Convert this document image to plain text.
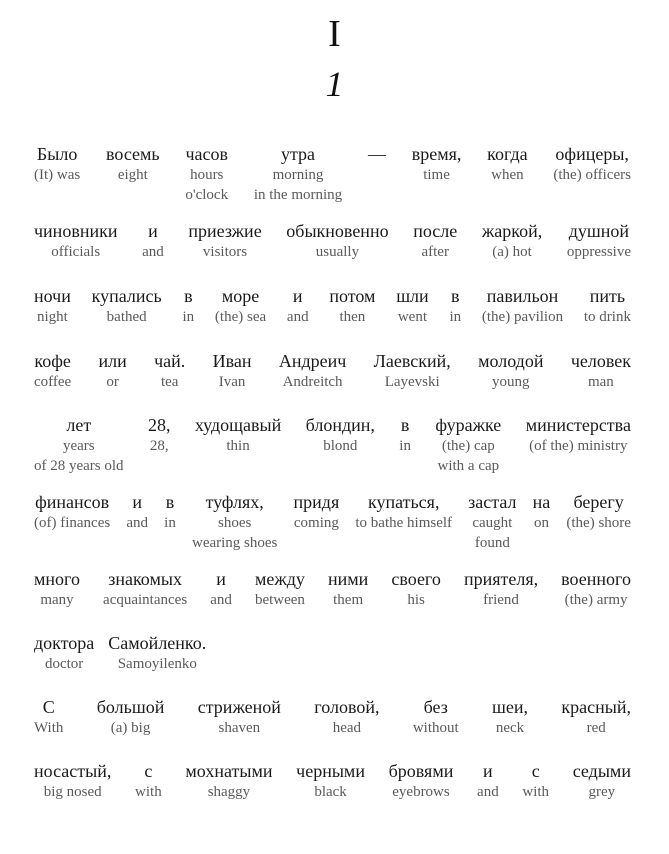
I
1
Было
(It) was
восемь
eight
часов
hours
o'clock
утра
morning
in the morning
— время,
time
когда
when
офицеры,
(the) officers
чиновники
officials
и
and
приезжие
visitors
обыкновенно
usually
после
after
жаркой,
(a) hot
душной
oppressive
ночи
night
купались
bathed
в
in
море
(the) sea
и
and
потом
then
шли
went
в
in
павильон
(the) pavilion
пить
to drink
кофе
coffee
или
or
чай.
tea
Иван
Ivan
Андреич
Andreitch
Лаевский,
Layevski
молодой
young
человек
man
лет
years
of 28 years old
28,
28,
худощавый
thin
блондин,
blond
в
in
фуражке
(the) cap
with a cap
министерства
(of the) ministry
финансов
(of) finances
и
and
в
in
туфлях,
shoes
wearing shoes
придя
coming
купаться,
to bathe himself
застал
caught
found
на
on
берегу
(the) shore
много
many
знакомых
acquaintances
и
and
между
between
ними
them
своего
his
приятеля,
friend
военного
(the) army
доктора
doctor
Самойленко.
Samoyilenko
С
With
большой
(a) big
стриженой
shaven
головой,
head
без
without
шеи,
neck
красный,
red
носастый,
big nosed
с
with
мохнатыми
shaggy
черными
black
бровями
eyebrows
и
and
с
with
седыми
grey
